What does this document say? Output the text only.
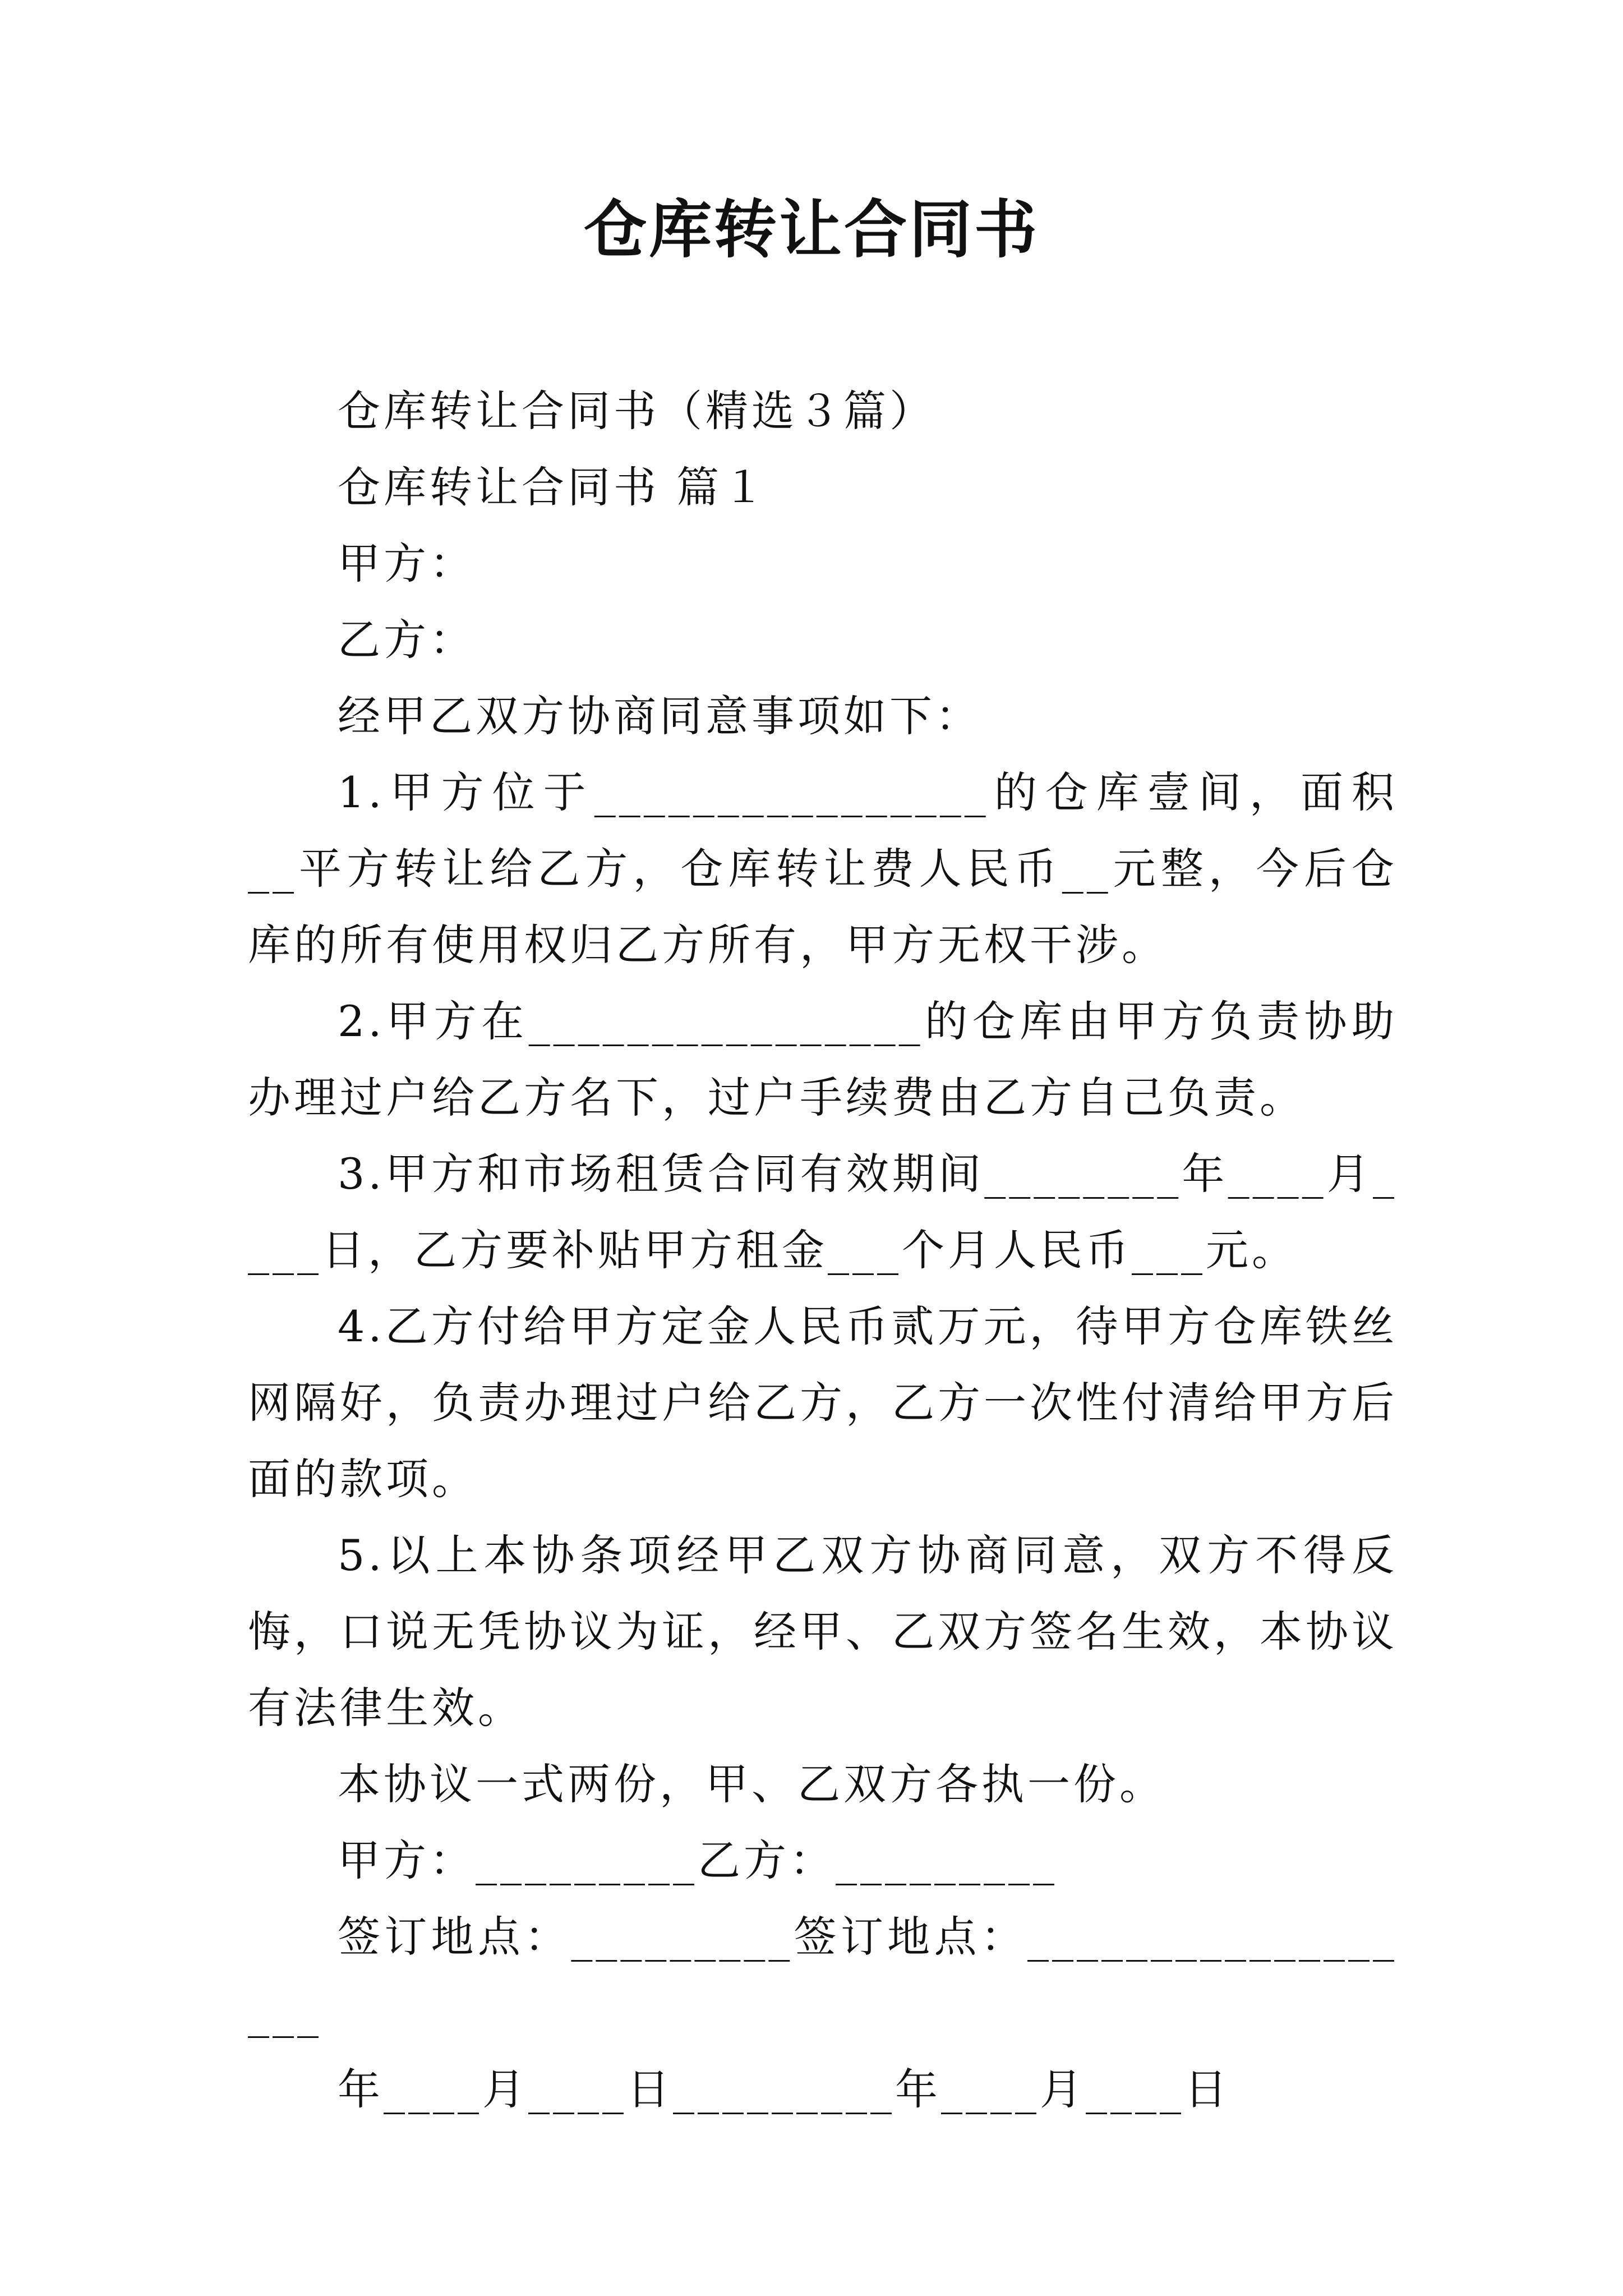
仓库转让合同书

仓库转让合同书（精选３篇）

仓库转让合同书 篇１

甲方：

乙方：

经甲乙双方协商同意事项如下：

1.甲方位于________________的仓库壹间，面积　__平方转让给乙方，仓库转让费人民币__元整，今后仓库的所有使用权归乙方所有，甲方无权干涉。

2.甲方在________________的仓库由甲方负责协助办理过户给乙方名下，过户手续费由乙方自己负责。

3.甲方和市场租赁合同有效期间________年____月____日，乙方要补贴甲方租金___个月人民币___元。

4.乙方付给甲方定金人民币贰万元，待甲方仓库铁丝网隔好，负责办理过户给乙方，乙方一次性付清给甲方后面的款项。

5.以上本协条项经甲乙双方协商同意，双方不得反悔，口说无凭协议为证，经甲、乙双方签名生效，本协议有法律生效。

本协议一式两份，甲、乙双方各执一份。

甲方：_________乙方：_________

签订地点：_________签订地点：__________________

年____月____日_________年____月____日
